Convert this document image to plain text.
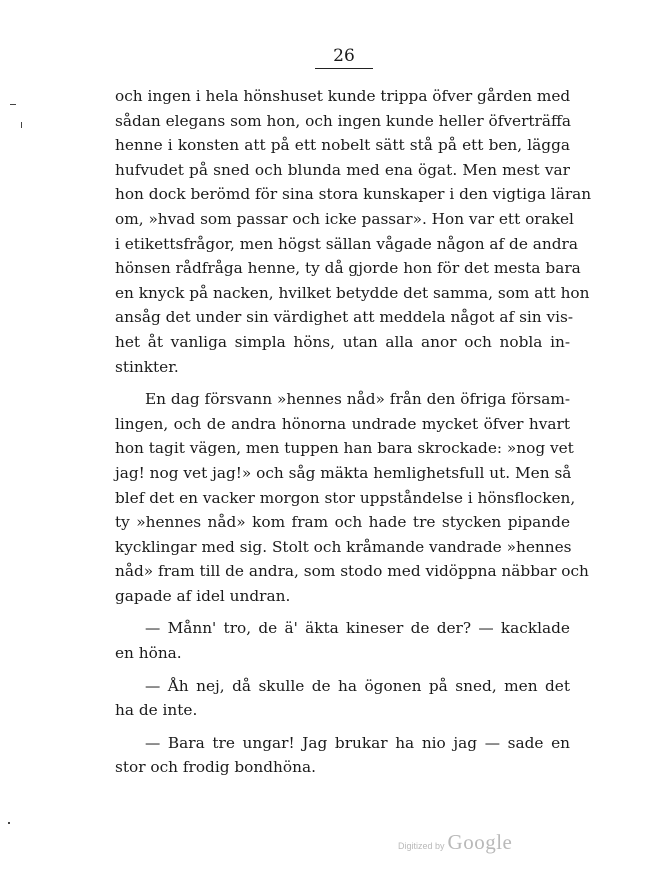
26

och ingen i hela hönshuset kunde trippa öfver gården med
sådan elegans som hon, och ingen kunde heller öfverträffa
henne i konsten att på ett nobelt sätt stå på ett ben, lägga
hufvudet på sned och blunda med ena ögat. Men mest var
hon dock berömd för sina stora kunskaper i den vigtiga läran
om, »hvad som passar och icke passar». Hon var ett orakel
i etikettsfrågor, men högst sällan vågade någon af de andra
hönsen rådfråga henne, ty då gjorde hon för det mesta bara
en knyck på nacken, hvilket betydde det samma, som att hon
ansåg det under sin värdighet att meddela något af sin vis-
het åt vanliga simpla höns, utan alla anor och nobla in-
stinkter.

En dag försvann »hennes nåd» från den öfriga försam-
lingen, och de andra hönorna undrade mycket öfver hvart
hon tagit vägen, men tuppen han bara skrockade: »nog vet
jag! nog vet jag!» och såg mäkta hemlighetsfull ut. Men så
blef det en vacker morgon stor uppståndelse i hönsflocken,
ty »hennes nåd» kom fram och hade tre stycken pipande
kycklingar med sig. Stolt och kråmande vandrade »hennes
nåd» fram till de andra, som stodo med vidöppna näbbar och
gapade af idel undran.

— Månn' tro, de ä' äkta kineser de der? — kacklade
en höna.

— Åh nej, då skulle de ha ögonen på sned, men det
ha de inte.

— Bara tre ungar! Jag brukar ha nio jag — sade en
stor och frodig bondhöna.

Digitized by Google
